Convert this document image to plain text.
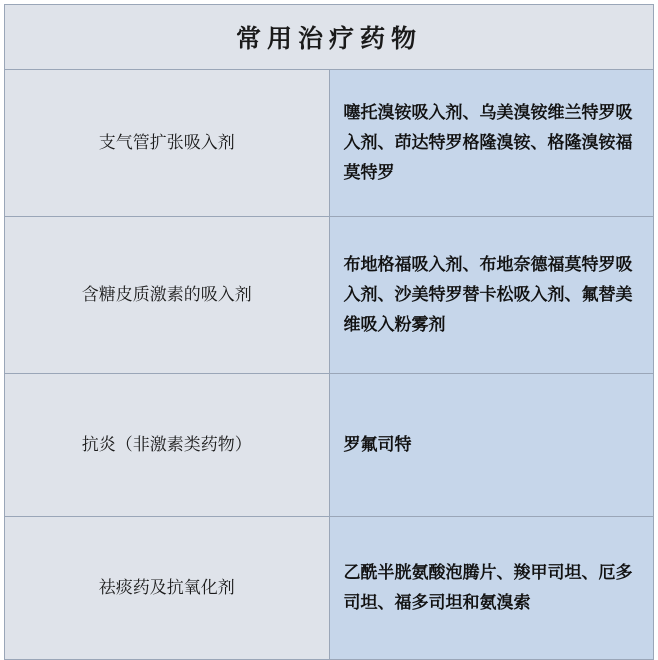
常用治疗药物	
支气管扩张吸入剂	噻托溴铵吸入剂、乌美溴铵维兰特罗吸入剂、茚达特罗格隆溴铵、格隆溴铵福莫特罗
含糖皮质激素的吸入剂	布地格福吸入剂、布地奈德福莫特罗吸入剂、沙美特罗替卡松吸入剂、氟替美维吸入粉雾剂
抗炎（非激素类药物）	罗氟司特
祛痰药及抗氧化剂	乙酰半胱氨酸泡腾片、羧甲司坦、厄多司坦、福多司坦和氨溴索
